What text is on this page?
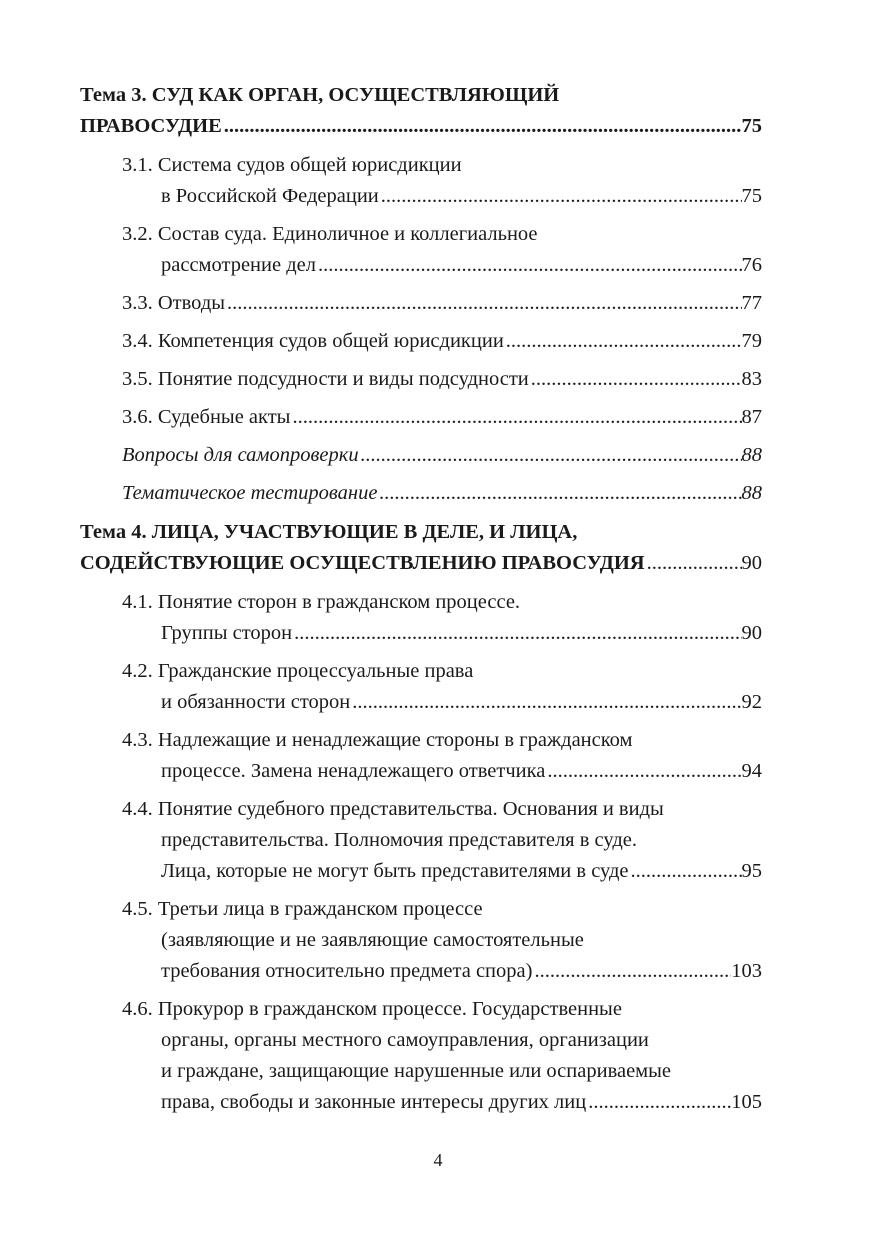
Тема 3. СУД КАК ОРГАН, ОСУЩЕСТВЛЯЮЩИЙ
ПРАВОСУДИЕ .....	75
3.1. Система судов общей юрисдикции
в Российской Федерации .....	75
3.2. Состав суда. Единоличное и коллегиальное
рассмотрение дел .....	76
3.3. Отводы .....	77
3.4. Компетенция судов общей юрисдикции .....	79
3.5. Понятие подсудности и виды подсудности .....	83
3.6. Судебные акты .....	87
Вопросы для самопроверки .....	88
Тематическое тестирование .....	88
Тема 4. ЛИЦА, УЧАСТВУЮЩИЕ В ДЕЛЕ, И ЛИЦА,
СОДЕЙСТВУЮЩИЕ ОСУЩЕСТВЛЕНИЮ ПРАВОСУДИЯ .....	90
4.1. Понятие сторон в гражданском процессе.
Группы сторон .....	90
4.2. Гражданские процессуальные права
и обязанности сторон .....	92
4.3. Надлежащие и ненадлежащие стороны в гражданском
процессе. Замена ненадлежащего ответчика .....	94
4.4. Понятие судебного представительства. Основания и виды
представительства. Полномочия представителя в суде.
Лица, которые не могут быть представителями в суде .....	95
4.5. Третьи лица в гражданском процессе
(заявляющие и не заявляющие самостоятельные
требования относительно предмета спора) .....	103
4.6. Прокурор в гражданском процессе. Государственные
органы, органы местного самоуправления, организации
и граждане, защищающие нарушенные или оспариваемые
права, свободы и законные интересы других лиц .....	105
4
